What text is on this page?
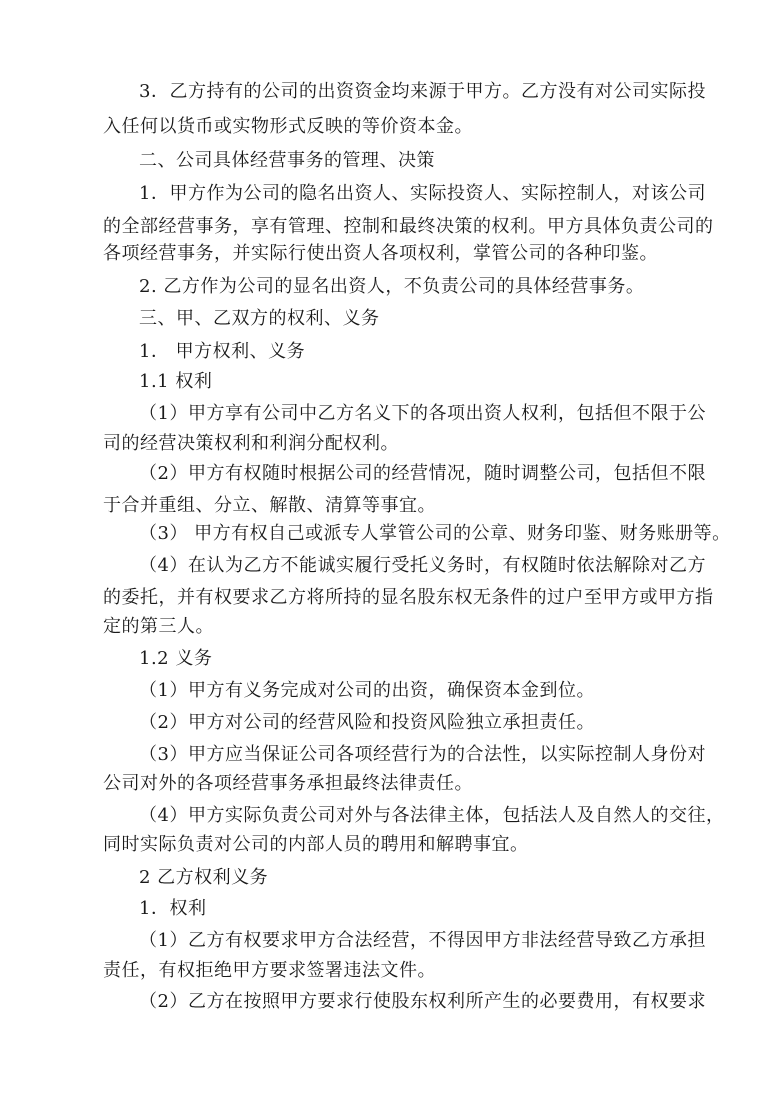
3．乙方持有的公司的出资资金均来源于甲方。乙方没有对公司实际投
入任何以货币或实物形式反映的等价资本金。
二、公司具体经营事务的管理、决策
1．甲方作为公司的隐名出资人、实际投资人、实际控制人，对该公司
的全部经营事务，享有管理、控制和最终决策的权利。甲方具体负责公司的
各项经营事务，并实际行使出资人各项权利，掌管公司的各种印鉴。
2. 乙方作为公司的显名出资人，不负责公司的具体经营事务。
三、甲、乙双方的权利、义务
1． 甲方权利、义务
1.1 权利
（1）甲方享有公司中乙方名义下的各项出资人权利，包括但不限于公
司的经营决策权利和利润分配权利。
（2）甲方有权随时根据公司的经营情况，随时调整公司，包括但不限
于合并重组、分立、解散、清算等事宜。
（3） 甲方有权自己或派专人掌管公司的公章、财务印鉴、财务账册等。
（4）在认为乙方不能诚实履行受托义务时，有权随时依法解除对乙方
的委托，并有权要求乙方将所持的显名股东权无条件的过户至甲方或甲方指
定的第三人。
1.2 义务
（1）甲方有义务完成对公司的出资，确保资本金到位。
（2）甲方对公司的经营风险和投资风险独立承担责任。
（3）甲方应当保证公司各项经营行为的合法性，以实际控制人身份对
公司对外的各项经营事务承担最终法律责任。
（4）甲方实际负责公司对外与各法律主体，包括法人及自然人的交往，
同时实际负责对公司的内部人员的聘用和解聘事宜。
2 乙方权利义务
1．权利
（1）乙方有权要求甲方合法经营，不得因甲方非法经营导致乙方承担
责任，有权拒绝甲方要求签署违法文件。
（2）乙方在按照甲方要求行使股东权利所产生的必要费用，有权要求
